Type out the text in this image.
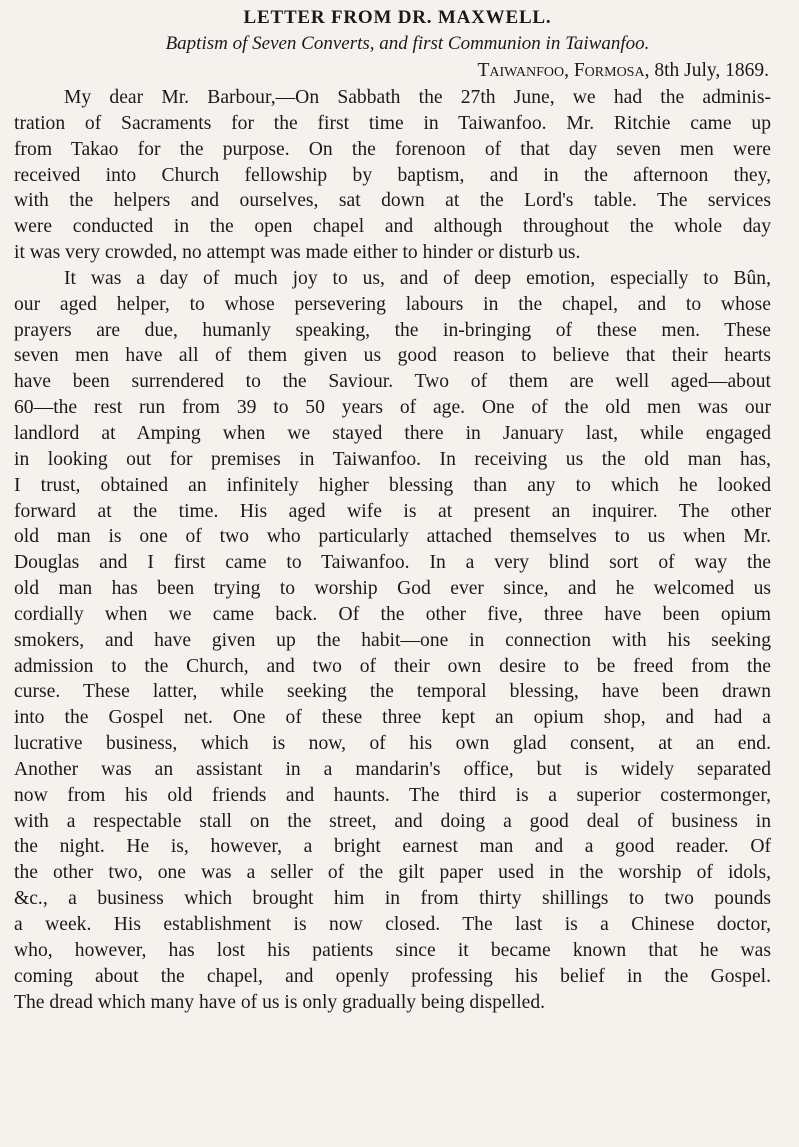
LETTER FROM DR. MAXWELL.

Baptism of Seven Converts, and first Communion in Taiwanfoo.

Taiwanfoo, Formosa, 8th July, 1869.

My dear Mr. Barbour,—On Sabbath the 27th June, we had the adminis-
tration of Sacraments for the first time in Taiwanfoo. Mr. Ritchie came up
from Takao for the purpose. On the forenoon of that day seven men were
received into Church fellowship by baptism, and in the afternoon they,
with the helpers and ourselves, sat down at the Lord's table. The services
were conducted in the open chapel and although throughout the whole day
it was very crowded, no attempt was made either to hinder or disturb us.
It was a day of much joy to us, and of deep emotion, especially to Bûn,
our aged helper, to whose persevering labours in the chapel, and to whose
prayers are due, humanly speaking, the in-bringing of these men. These
seven men have all of them given us good reason to believe that their hearts
have been surrendered to the Saviour. Two of them are well aged—about
60—the rest run from 39 to 50 years of age. One of the old men was our
landlord at Amping when we stayed there in January last, while engaged
in looking out for premises in Taiwanfoo. In receiving us the old man has,
I trust, obtained an infinitely higher blessing than any to which he looked
forward at the time. His aged wife is at present an inquirer. The other
old man is one of two who particularly attached themselves to us when Mr.
Douglas and I first came to Taiwanfoo. In a very blind sort of way the
old man has been trying to worship God ever since, and he welcomed us
cordially when we came back. Of the other five, three have been opium
smokers, and have given up the habit—one in connection with his seeking
admission to the Church, and two of their own desire to be freed from the
curse. These latter, while seeking the temporal blessing, have been drawn
into the Gospel net. One of these three kept an opium shop, and had a
lucrative business, which is now, of his own glad consent, at an end.
Another was an assistant in a mandarin's office, but is widely separated
now from his old friends and haunts. The third is a superior costermonger,
with a respectable stall on the street, and doing a good deal of business in
the night. He is, however, a bright earnest man and a good reader. Of
the other two, one was a seller of the gilt paper used in the worship of idols,
&c., a business which brought him in from thirty shillings to two pounds
a week. His establishment is now closed. The last is a Chinese doctor,
who, however, has lost his patients since it became known that he was
coming about the chapel, and openly professing his belief in the Gospel.
The dread which many have of us is only gradually being dispelled.
